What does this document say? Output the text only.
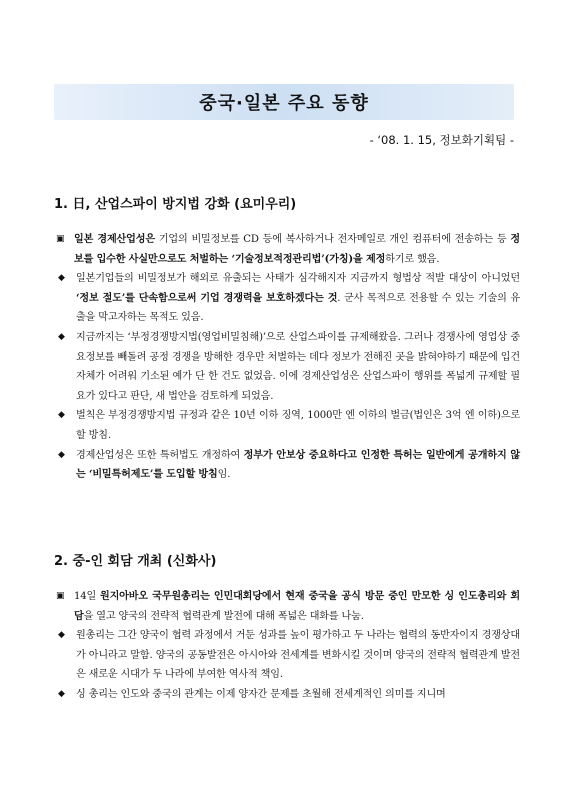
중국·일본 주요 동향
- ‘08. 1. 15, 정보화기획팀 -
1. 日, 산업스파이 방지법 강화 (요미우리)
▣ 일본 경제산업성은 기업의 비밀정보를 CD 등에 복사하거나 전자메일로 개인 컴퓨터에 전송하는 등 정보를 입수한 사실만으로도 처벌하는 ‘기술정보적정관리법’(가칭)을 제정하기로 했음.
◆	일본기업들의 비밀정보가 해외로 유출되는 사태가 심각해지자 지금까지 형법상 적발 대상이 아니었던 ‘정보 절도’를 단속함으로써 기업 경쟁력을 보호하겠다는 것. 군사 목적으로 전용할 수 있는 기술의 유출을 막고자하는 목적도 있음.
◆	지금까지는 ‘부정경쟁방지법(영업비밀침해)’으로 산업스파이를 규제해왔음. 그러나 경쟁사에 영업상 중요정보를 빼돌려 공정 경쟁을 방해한 경우만 처벌하는 데다 정보가 전해진 곳을 밝혀야하기 때문에 입건자체가 어려워 기소된 예가 단 한 건도 없었음. 이에 경제산업성은 산업스파이 행위를 폭넓게 규제할 필요가 있다고 판단, 새 법안을 검토하게 되었음.
◆	벌칙은 부정경쟁방지법 규정과 같은 10년 이하 징역, 1000만 엔 이하의 벌금(법인은 3억 엔 이하)으로 할 방침.
◆	경제산업성은 또한 특허법도 개정하여 정부가 안보상 중요하다고 인정한 특허는 일반에게 공개하지 않는 ‘비밀특허제도’를 도입할 방침임.
2. 중-인 회담 개최 (신화사)
▣ 14일 원지아바오 국무원총리는 인민대회당에서 현재 중국을 공식 방문 중인 만모한 싱 인도총리와 회담을 열고 양국의 전략적 협력관계 발전에 대해 폭넓은 대화를 나눔.
◆	원총리는 그간 양국이 협력 과정에서 거둔 성과를 높이 평가하고 두 나라는 협력의 동반자이지 경쟁상대가 아니라고 말함. 양국의 공동발전은 아시아와 전세계를 변화시킬 것이며 양국의 전략적 협력관계 발전은 새로운 시대가 두 나라에 부여한 역사적 책임.
◆	싱 총리는 인도와 중국의 관계는 이제 양자간 문제를 초월해 전세계적인 의미를 지니며
